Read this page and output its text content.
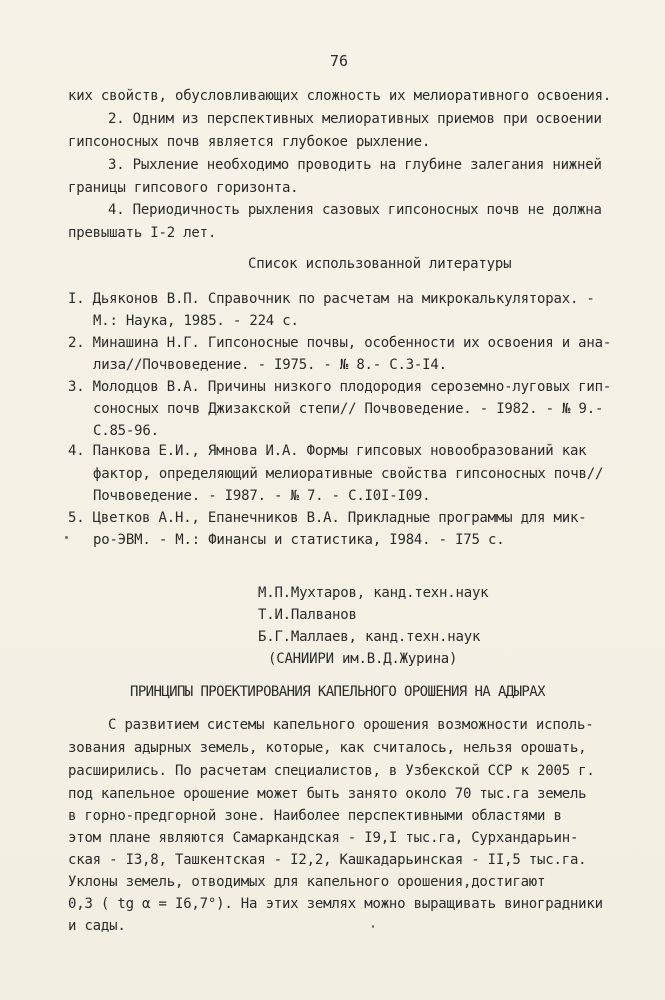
76
ких свойств, обусловливающих сложность их мелиоративного освоения.
2. Одним из перспективных мелиоративных приемов при освоении
гипсоносных почв является глубокое рыхление.
3. Рыхление необходимо проводить на глубине залегания нижней
границы гипсового горизонта.
4. Периодичность рыхления сазовых гипсоносных почв не должна
превышать I-2 лет.
Список использованной литературы
I. Дьяконов В.П. Справочник по расчетам на микрокалькуляторах. -
М.: Наука, 1985. - 224 с.
2. Минашина Н.Г. Гипсоносные почвы, особенности их освоения и ана-
лиза//Почвоведение. - I975. - № 8.- С.3-I4.
3. Молодцов В.А. Причины низкого плодородия сероземно-луговых гип-
соносных почв Джизакской степи// Почвоведение. - I982. - № 9.-
С.85-96.
4. Панкова Е.И., Ямнова И.А. Формы гипсовых новообразований как
фактор, определяющий мелиоративные свойства гипсоносных почв//
Почвоведение. - I987. - № 7. - С.I0I-I09.
5. Цветков А.Н., Епанечников В.А. Прикладные программы для мик-
ро-ЭВМ. - М.: Финансы и статистика, I984. - I75 с.
М.П.Мухтаров, канд.техн.наук
Т.И.Палванов
Б.Г.Маллаев, канд.техн.наук
(САНИИРИ им.В.Д.Журина)
ПРИНЦИПЫ ПРОЕКТИРОВАНИЯ КАПЕЛЬНОГО ОРОШЕНИЯ НА АДЫРАХ
С развитием системы капельного орошения возможности исполь-
зования адырных земель, которые, как считалось, нельзя орошать,
расширились. По расчетам специалистов, в Узбекской ССР к 2005 г.
под капельное орошение может быть занято около 70 тыс.га земель
в горно-предгорной зоне. Наиболее перспективными областями в
этом плане являются Самаркандская - I9,I тыс.га, Сурхандарьин-
ская - I3,8, Ташкентская - I2,2, Кашкадарьинская - II,5 тыс.га.
Уклоны земель, отводимых для капельного орошения,достигают
0,3 ( tg α = I6,7°). На этих землях можно выращивать виноградники
и сады.
